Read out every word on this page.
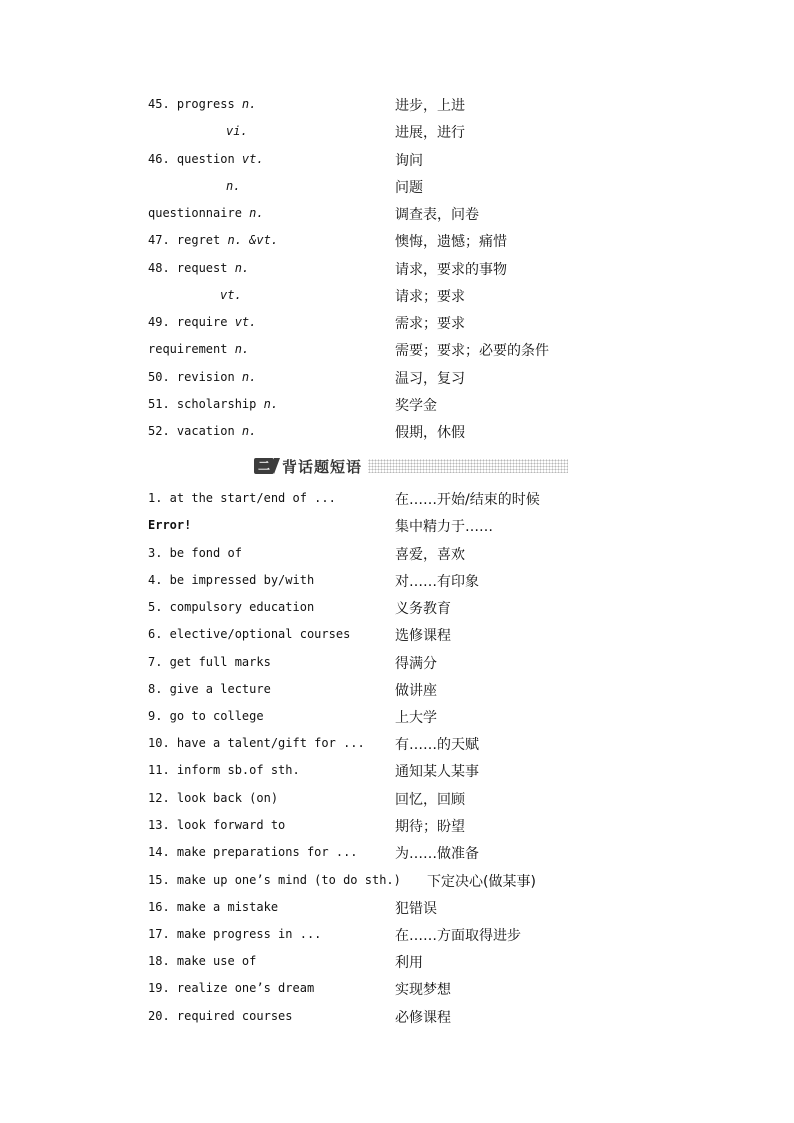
45. progress n.	进步，上进
vi.	进展，进行
46. question vt.	询问
n.	问题
questionnaire n.	调查表，问卷
47. regret n. &vt.	懊悔，遗憾；痛惜
48. request n.	请求，要求的事物
vt.	请求；要求
49. require vt.	需求；要求
requirement n.	需要；要求；必要的条件
50. revision n.	温习，复习
51. scholarship n.	奖学金
52. vacation n.	假期，休假
二 背话题短语
1. at the start/end of ...	在……开始/结束的时候
Error!	集中精力于……
3. be fond of	喜爱，喜欢
4. be impressed by/with	对……有印象
5. compulsory education	义务教育
6. elective/optional courses	选修课程
7. get full marks	得满分
8. give a lecture	做讲座
9. go to college	上大学
10. have a talent/gift for ... 有……的天赋
11. inform sb.of sth.	通知某人某事
12. look back (on)	回忆，回顾
13. look forward to	期待；盼望
14. make preparations for ...	为……做准备
15. make up one’s mind (to do sth.) 下定决心(做某事)
16. make a mistake	犯错误
17. make progress in ...	在……方面取得进步
18. make use of	利用
19. realize one’s dream	实现梦想
20. required courses	必修课程
